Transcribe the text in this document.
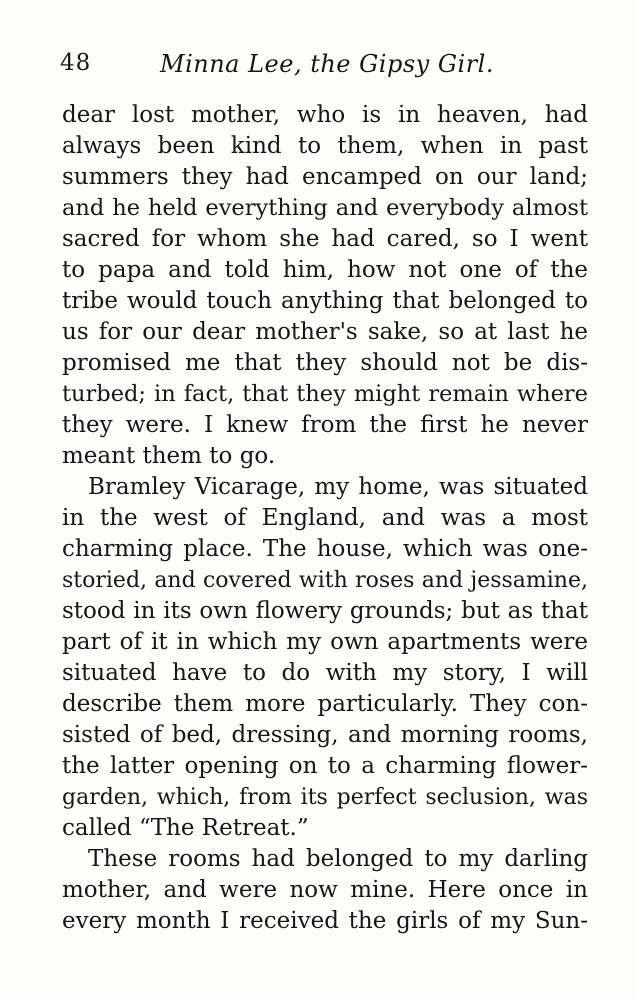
48	Minna Lee, the Gipsy Girl.
dear lost mother, who is in heaven, had
always been kind to them, when in past
summers they had encamped on our land;
and he held everything and everybody almost
sacred for whom she had cared, so I went
to papa and told him, how not one of the
tribe would touch anything that belonged to
us for our dear mother's sake, so at last he
promised me that they should not be dis-
turbed; in fact, that they might remain where
they were. I knew from the first he never
meant them to go.
Bramley Vicarage, my home, was situated
in the west of England, and was a most
charming place. The house, which was one-
storied, and covered with roses and jessamine,
stood in its own flowery grounds; but as that
part of it in which my own apartments were
situated have to do with my story, I will
describe them more particularly. They con-
sisted of bed, dressing, and morning rooms,
the latter opening on to a charming flower-
garden, which, from its perfect seclusion, was
called “The Retreat.”
These rooms had belonged to my darling
mother, and were now mine. Here once in
every month I received the girls of my Sun-
